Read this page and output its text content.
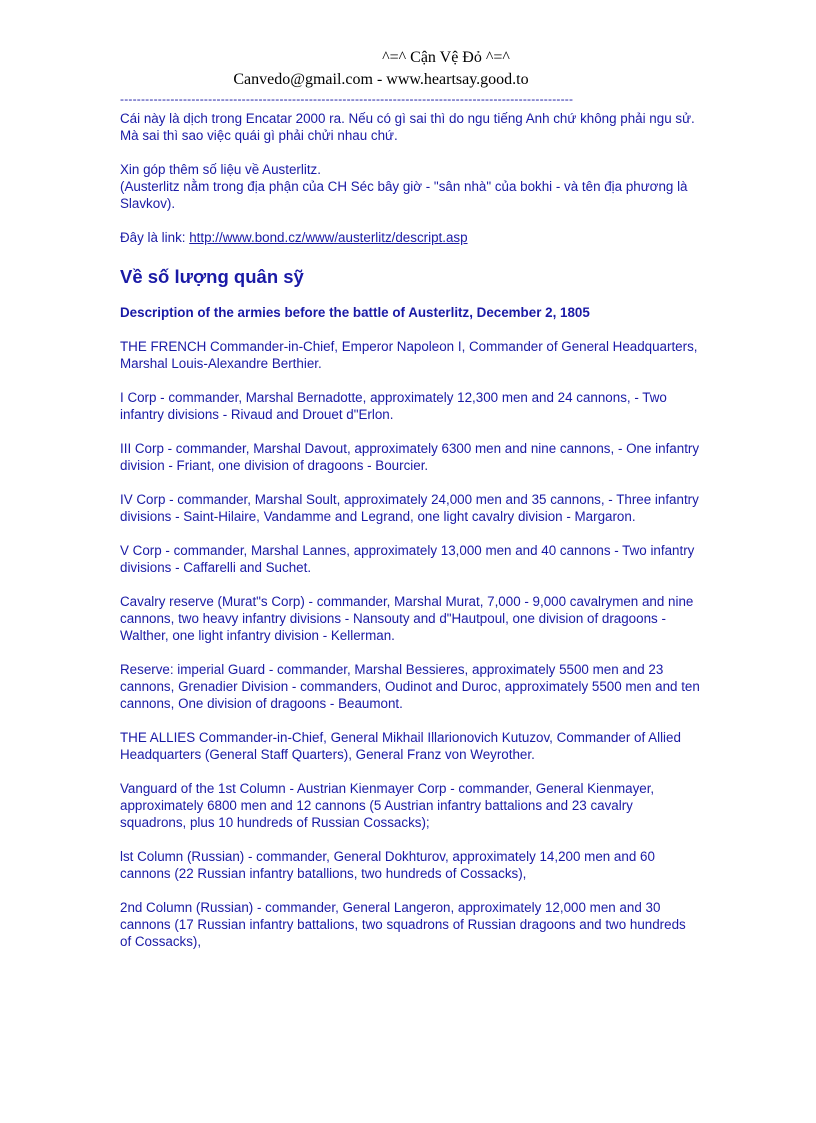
^=^ Cận Vệ Đỏ ^=^
Canvedo@gmail.com - www.heartsay.good.to
------------------------------------------------------------------------------------------------------------

Cái này là dịch trong Encatar 2000 ra. Nếu có gì sai thì do ngu tiếng Anh chứ không phải ngu sử.

Mà sai thì sao việc quái gì phải chửi nhau chứ.

Xin góp thêm số liệu về Austerlitz.

(Austerlitz nằm trong địa phận của CH Séc bây giờ - "sân nhà" của bokhi - và tên địa phương là Slavkov).

Đây là link: http://www.bond.cz/www/austerlitz/descript.asp

Về số lượng quân sỹ

Description of the armies before the battle of Austerlitz, December 2, 1805

THE FRENCH Commander-in-Chief, Emperor Napoleon I, Commander of General Headquarters, Marshal Louis-Alexandre Berthier.

I Corp - commander, Marshal Bernadotte, approximately 12,300 men and 24 cannons, - Two infantry divisions - Rivaud and Drouet d"Erlon.

III Corp - commander, Marshal Davout, approximately 6300 men and nine cannons, - One infantry division - Friant, one division of dragoons - Bourcier.

IV Corp - commander, Marshal Soult, approximately 24,000 men and 35 cannons, - Three infantry divisions - Saint-Hilaire, Vandamme and Legrand, one light cavalry division - Margaron.

V Corp - commander, Marshal Lannes, approximately 13,000 men and 40 cannons - Two infantry divisions - Caffarelli and Suchet.

Cavalry reserve (Murat"s Corp) - commander, Marshal Murat, 7,000 - 9,000 cavalrymen and nine cannons, two heavy infantry divisions - Nansouty and d"Hautpoul, one division of dragoons - Walther, one light infantry division - Kellerman.

Reserve: imperial Guard - commander, Marshal Bessieres, approximately 5500 men and 23 cannons, Grenadier Division - commanders, Oudinot and Duroc, approximately 5500 men and ten cannons, One division of dragoons - Beaumont.

THE ALLIES Commander-in-Chief, General Mikhail Illarionovich Kutuzov, Commander of Allied Headquarters (General Staff Quarters), General Franz von Weyrother.

Vanguard of the 1st Column - Austrian Kienmayer Corp - commander, General Kienmayer, approximately 6800 men and 12 cannons (5 Austrian infantry battalions and 23 cavalry squadrons, plus 10 hundreds of Russian Cossacks);

lst Column (Russian) - commander, General Dokhturov, approximately 14,200 men and 60 cannons (22 Russian infantry batallions, two hundreds of Cossacks),

2nd Column (Russian) - commander, General Langeron, approximately 12,000 men and 30 cannons (17 Russian infantry battalions, two squadrons of Russian dragoons and two hundreds of Cossacks),
